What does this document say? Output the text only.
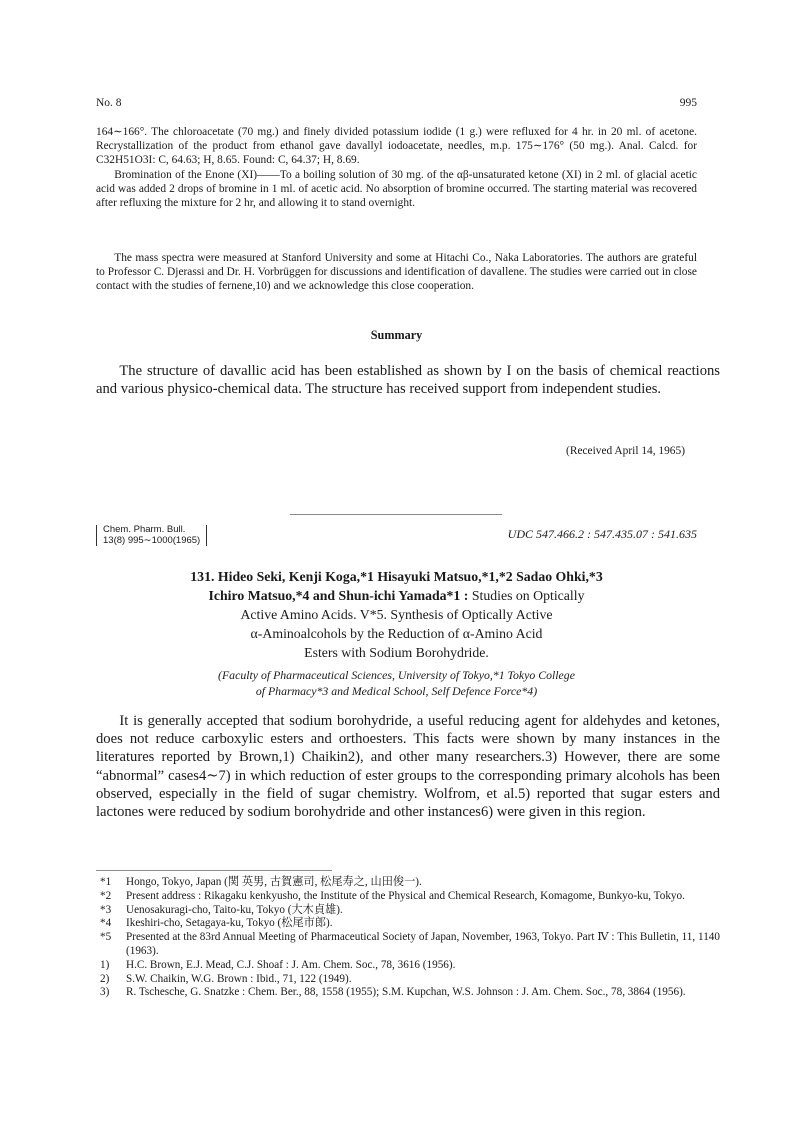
No. 8	995

164∼166°. The chloroacetate (70 mg.) and finely divided potassium iodide (1 g.) were refluxed for 4 hr. in 20 ml. of acetone. Recrystallization of the product from ethanol gave davallyl iodoacetate, needles, m.p. 175∼176° (50 mg.). Anal. Calcd. for C32H51O3I: C, 64.63; H, 8.65. Found: C, 64.37; H, 8.69.

Bromination of the Enone (XI)——To a boiling solution of 30 mg. of the αβ-unsaturated ketone (XI) in 2 ml. of glacial acetic acid was added 2 drops of bromine in 1 ml. of acetic acid. No absorption of bromine occurred. The starting material was recovered after refluxing the mixture for 2 hr, and allowing it to stand overnight.

The mass spectra were measured at Stanford University and some at Hitachi Co., Naka Laboratories. The authors are grateful to Professor C. Djerassi and Dr. H. Vorbrüggen for discussions and identification of davallene. The studies were carried out in close contact with the studies of fernene,10) and we acknowledge this close cooperation.
Summary
The structure of davallic acid has been established as shown by I on the basis of chemical reactions and various physico-chemical data. The structure has received support from independent studies.
(Received April 14, 1965)
Chem. Pharm. Bull.
13(8) 995∼1000(1965)	UDC 547.466.2 : 547.435.07 : 541.635
131. Hideo Seki, Kenji Koga,*1 Hisayuki Matsuo,*1,*2 Sadao Ohki,*3
Ichiro Matsuo,*4 and Shun-ichi Yamada*1 : Studies on Optically
Active Amino Acids. V*5. Synthesis of Optically Active
α-Aminoalcohols by the Reduction of α-Amino Acid
Esters with Sodium Borohydride.
(Faculty of Pharmaceutical Sciences, University of Tokyo,*1 Tokyo College
of Pharmacy*3 and Medical School, Self Defence Force*4)
It is generally accepted that sodium borohydride, a useful reducing agent for aldehydes and ketones, does not reduce carboxylic esters and orthoesters. This facts were shown by many instances in the literatures reported by Brown,1) Chaikin2), and other many researchers.3) However, there are some “abnormal” cases4∼7) in which reduction of ester groups to the corresponding primary alcohols has been observed, especially in the field of sugar chemistry. Wolfrom, et al.5) reported that sugar esters and lactones were reduced by sodium borohydride and other instances6) were given in this region.
*1	Hongo, Tokyo, Japan (関 英男, 古賀憲司, 松尾寿之, 山田俊一).
*2	Present address : Rikagaku kenkyusho, the Institute of the Physical and Chemical Research, Komagome, Bunkyo-ku, Tokyo.
*3	Uenosakuragi-cho, Taito-ku, Tokyo (大木貞雄).
*4	Ikeshiri-cho, Setagaya-ku, Tokyo (松尾市郎).
*5	Presented at the 83rd Annual Meeting of Pharmaceutical Society of Japan, November, 1963, Tokyo. Part Ⅳ : This Bulletin, 11, 1140 (1963).
1)	H.C. Brown, E.J. Mead, C.J. Shoaf : J. Am. Chem. Soc., 78, 3616 (1956).
2)	S.W. Chaikin, W.G. Brown : Ibid., 71, 122 (1949).
3)	R. Tschesche, G. Snatzke : Chem. Ber., 88, 1558 (1955); S.M. Kupchan, W.S. Johnson : J. Am. Chem. Soc., 78, 3864 (1956).
